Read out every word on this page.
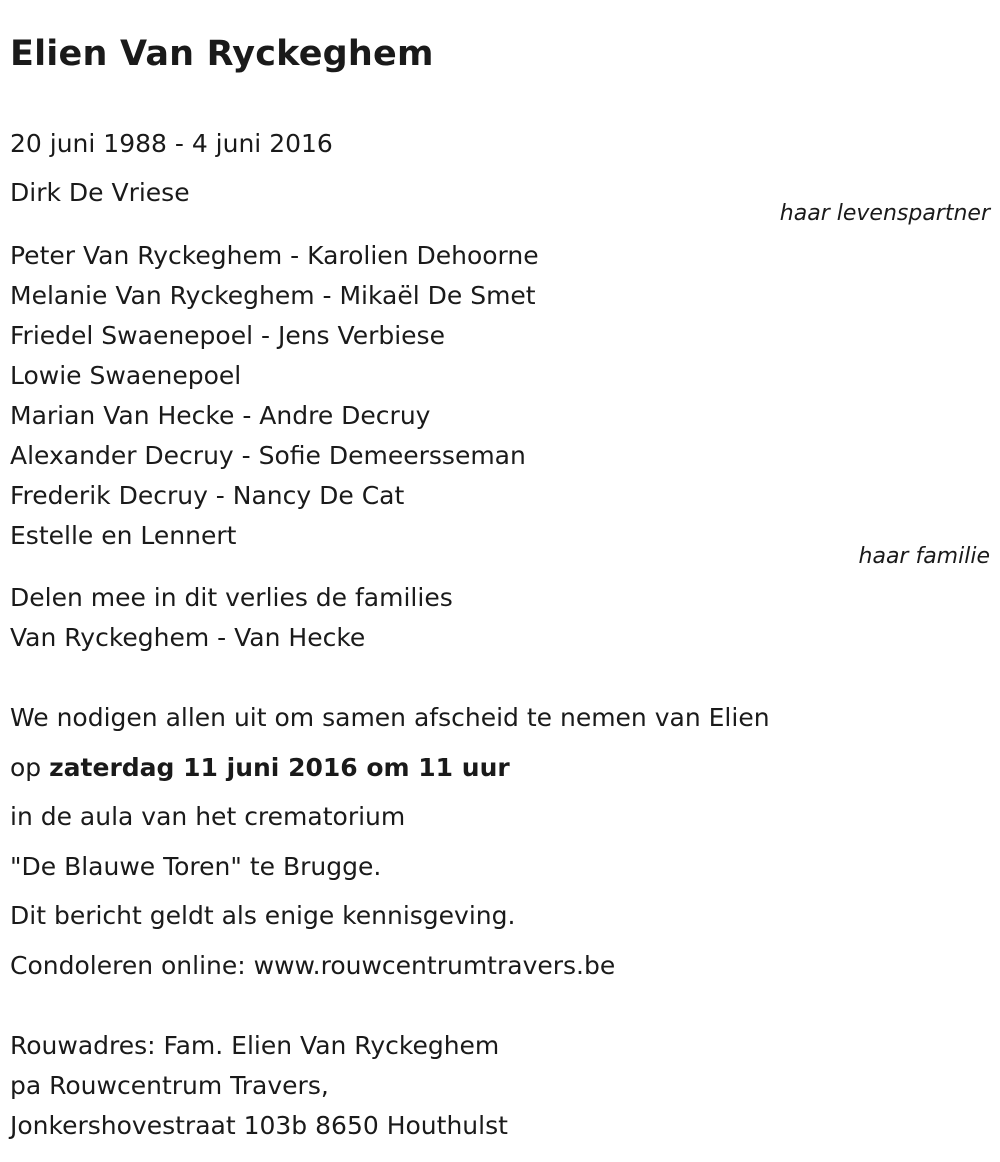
Elien Van Ryckeghem
20 juni 1988 - 4 juni 2016
Dirk De Vriese
haar levenspartner
Peter Van Ryckeghem - Karolien Dehoorne
Melanie Van Ryckeghem - Mikaël De Smet
Friedel Swaenepoel - Jens Verbiese
Lowie Swaenepoel
Marian Van Hecke - Andre Decruy
Alexander Decruy - Sofie Demeersseman
Frederik Decruy - Nancy De Cat
Estelle en Lennert
haar familie
Delen mee in dit verlies de families
Van Ryckeghem - Van Hecke
We nodigen allen uit om samen afscheid te nemen van Elien
op zaterdag 11 juni 2016 om 11 uur
in de aula van het crematorium
"De Blauwe Toren" te Brugge.
Dit bericht geldt als enige kennisgeving.
Condoleren online: www.rouwcentrumtravers.be
Rouwadres: Fam. Elien Van Ryckeghem
pa Rouwcentrum Travers,
Jonkershovestraat 103b 8650 Houthulst
